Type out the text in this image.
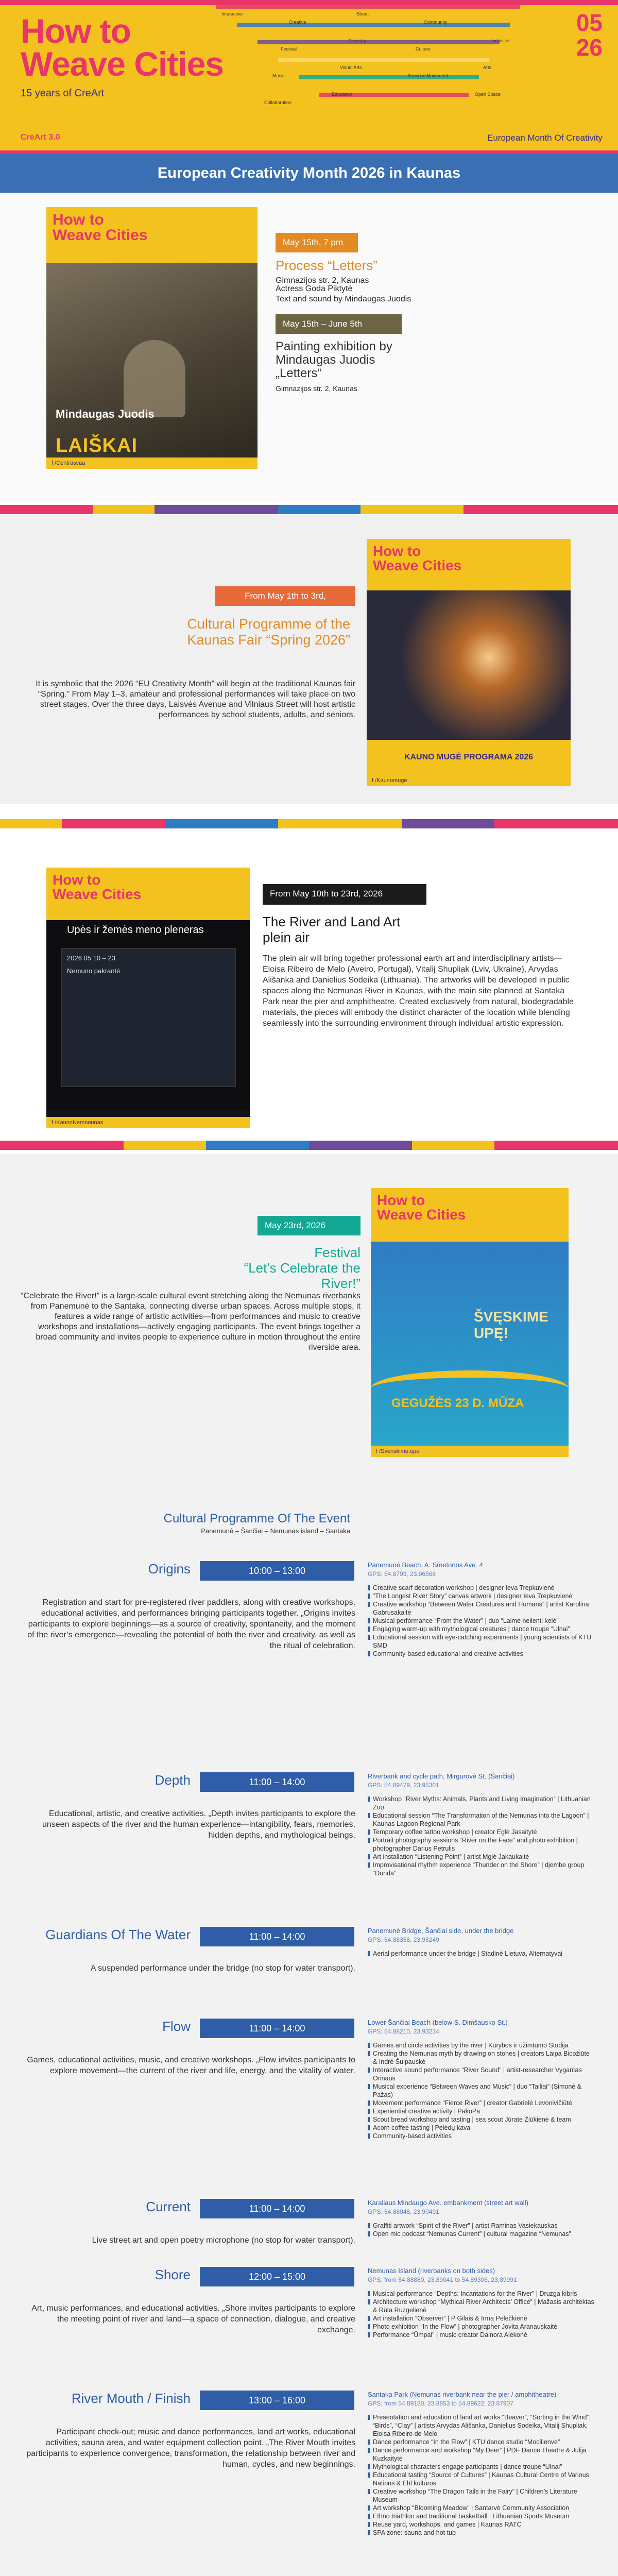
Interactive
Creative
Street
Community
Inclusive
Festival
Diversity
Culture
Arts
Music
Visual Arts
Sound & Movement
Open Space
Collaboration
Education
How to
Weave Cities
15 years of CreArt
CreArt 3.0
05
26
European Month Of Creativity
European Creativity Month 2026 in Kaunas
How to
Weave Cities
Mindaugas Juodis
LAIŠKAI
f /Centrasvaa
May 15th, 7 pm
Process “Letters”
Gimnazijos str. 2, Kaunas
Actress Goda Piktytė
Text and sound by Mindaugas Juodis
May 15th – June 5th
Painting exhibition by Mindaugas Juodis „Letters“
Gimnazijos str. 2, Kaunas
How to
Weave Cities
KAUNO MUGĖ PROGRAMA 2026
f /Kaunomuge
From May 1th to 3rd,
Cultural Programme of the Kaunas Fair “Spring 2026”
It is symbolic that the 2026 “EU Creativity Month” will begin at the traditional Kaunas fair “Spring.” From May 1–3, amateur and professional performances will take place on two street stages. Over the three days, Laisvės Avenue and Vilniaus Street will host artistic performances by school students, adults, and seniors.
How to
Weave Cities
Upės ir žemės meno pleneras
2026 05 10 – 23
Nemuno pakrantė
f /KaunoNemnounas
From May 10th to 23rd, 2026
The River and Land Art
plein air
The plein air will bring together professional earth art and interdisciplinary artists—Eloisa Ribeiro de Melo (Aveiro, Portugal), Vitalij Shupliak (Lviv, Ukraine), Arvydas Ališanka and Danielius Sodeika (Lithuania). The artworks will be developed in public spaces along the Nemunas River in Kaunas, with the main site planned at Santaka Park near the pier and amphitheatre. Created exclusively from natural, biodegradable materials, the pieces will embody the distinct character of the location while blending seamlessly into the surrounding environment through individual artistic expression.
How to
Weave Cities
ŠVĘSKIME UPĘ!
GEGUŽĖS 23 D. MŪZA
f /Svenskime.upe
May 23rd, 2026
Festival
“Let’s Celebrate the River!”
“Celebrate the River!” is a large-scale cultural event stretching along the Nemunas riverbanks from Panemunė to the Santaka, connecting diverse urban spaces. Across multiple stops, it features a wide range of artistic activities—from performances and music to creative workshops and installations—actively engaging participants. The event brings together a broad community and invites people to experience culture in motion throughout the entire riverside area.
Cultural Programme Of The Event
Panemunė – Šančiai – Nemunas island – Santaka
Origins	10:00 – 13:00
Registration and start for pre-registered river paddlers, along with creative workshops, educational activities, and performances bringing participants together. „Origins invites participants to explore beginnings—as a source of creativity, spontaneity, and the moment of the river’s emergence—revealing the potential of both the river and creativity, as well as the ritual of celebration.
Panemunė Beach, A. Smetonos Ave. 4
GPS: 54.8793, 23.96568
Creative scarf decoration workshop | designer Ieva Trepkuvienė
“The Longest River Story” canvas artwork | designer Ieva Trepkuvienė
Creative workshop “Between Water Creatures and Humans” | artist Karolina Gabrusakaitė
Musical performance “From the Water” | duo “Laimė neilenti kelė”
Engaging warm-up with mythological creatures | dance troupe “Ulnai”
Educational session with eye-catching experiments | young scientists of KTU SMD
Community-based educational and creative activities
Depth	11:00 – 14:00
Educational, artistic, and creative activities. „Depth invites participants to explore the unseen aspects of the river and the human experience—intangibility, fears, memories, hidden depths, and mythological beings.
Riverbank and cycle path, Mirgurovė St. (Šančiai)
GPS: 54.89479, 23.95301
Workshop “River Myths: Animals, Plants and Living Imagination” | Lithuanian Zoo
Educational session “The Transformation of the Nemunas into the Lagoon” | Kaunas Lagoon Regional Park
Temporary coffee tattoo workshop | creator Eglė Jasaitytė
Portrait photography sessions “River on the Face” and photo exhibition | photographer Darius Petrulis
Art installation “Listening Point” | artist Mglė Jakaukaitė
Improvisational rhythm experience “Thunder on the Shore” | djembe group “Dunda”
Guardians Of The Water	11:00 – 14:00
A suspended performance under the bridge (no stop for water transport).
Panemunė Bridge, Šančiai side, under the bridge
GPS: 54.88358, 23.95249
Aerial performance under the bridge | Stadinė Lietuva, Alternatyvai
Flow	11:00 – 14:00
Games, educational activities, music, and creative workshops. „Flow invites participants to explore movement—the current of the river and life, energy, and the vitality of water.
Lower Šančiai Beach (below S. Dimšausko St.)
GPS: 54.88210, 23.93234
Games and circle activities by the river | Kūrybos ir užimtumo Studija
Creating the Nemunas myth by drawing on stones | creators Laipa Bicožiūtė & Indrė Šulpauskė
Interactive sound performance “River Sound” | artist-researcher Vygantas Orinaus
Musical experience “Between Waves and Music” | duo “Tailiai” (Simonė & Pažas)
Movement performance “Fierce River” | creator Gabrielė Levonivičiūtė
Experiential creative activity | PakoPa
Scout bread workshop and tasting | sea scout Jūratė Žiūkienė & team
Acorn coffee tasting | Pelėdų kava
Community-based activities
Current	11:00 – 14:00
Live street art and open poetry microphone (no stop for water transport).
Karaliaus Mindaugo Ave. embankment (street art wall)
GPS: 54.88048, 23.90491
Graffiti artwork “Spirit of the River” | artist Raminas Vasiekauskas
Open mic podcast “Nemunas Current” | cultural magazine “Nemunas”
Shore	12:00 – 15:00
Art, music performances, and educational activities. „Shore invites participants to explore the meeting point of river and land—a space of connection, dialogue, and creative exchange.
Nemunas Island (riverbanks on both sides)
GPS: from 54.88880, 23.89041 to 54.89306, 23.89991
Musical performance “Depths: Incantations for the River” | Druzga kibris
Architecture workshop “Mythical River Architects’ Office” | Mažasis architektas & Rūta Ruzgelienė
Art installation “Observer” | P Gilais & Irma Pelečkienė
Photo exhibition “In the Flow” | photographer Jovita Aranauskaitė
Performance “Ūmpal” | music creator Dainora Alekonė
River Mouth / Finish	13:00 – 16:00
Participant check-out; music and dance performances, land art works, educational activities, sauna area, and water equipment collection point. „The River Mouth invites participants to experience convergence, transformation, the relationship between river and human, cycles, and new beginnings.
Santaka Park (Nemunas riverbank near the pier / amphitheatre)
GPS: from 54.89180, 23.8853 to 54.89622, 23.87907
Presentation and education of land art works “Beaver”, “Sorting in the Wind”, “Birds”, “Clay” | artists Arvydas Ališanka, Danielius Sodeika, Vitalij Shupliak, Eloisa Ribeiro de Melo
Dance performance “In the Flow” | KTU dance studio “Mocilienvė”
Dance performance and workshop “My Deer” | PDF Dance Theatre & Julija Kuzkaitytė
Mythological characters engage participants | dance troupe “Ulnai”
Educational tasting “Source of Cultures” | Kaunas Cultural Centre of Various Nations & Ehl kultūros
Creative workshop “The Dragon Tails in the Fairy” | Children’s Literature Museum
Art workshop “Blooming Meadow” | Santarvė Community Association
Ethno triathlon and traditional basketball | Lithuanian Sports Museum
Reuse yard, workshops, and games | Kaunas RATC
SPA zone: sauna and hot tub
